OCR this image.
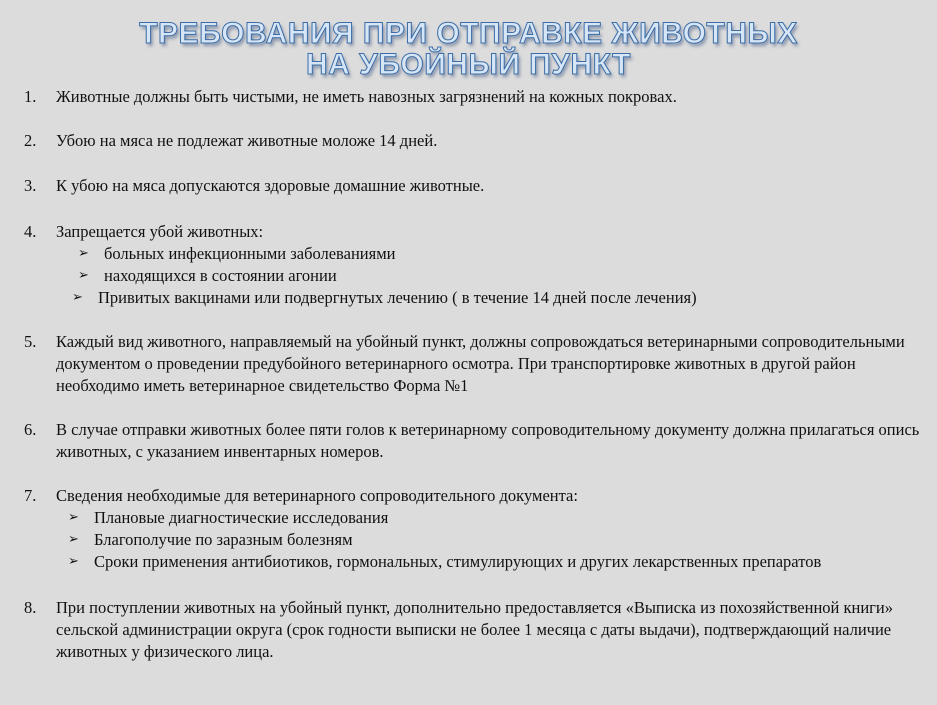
ТРЕБОВАНИЯ ПРИ ОТПРАВКЕ ЖИВОТНЫХ
НА УБОЙНЫЙ ПУНКТ
1. Животные должны быть чистыми, не иметь навозных загрязнений на кожных покровах.
2. Убою на мяса не подлежат животные моложе 14 дней.
3. К убою на мяса допускаются здоровые домашние животные.
4. Запрещается убой животных:
➢ больных инфекционными заболеваниями
➢ находящихся в состоянии агонии
➢ Привитых вакцинами или подвергнутых лечению ( в течение 14 дней после лечения)
5. Каждый вид животного, направляемый на убойный пункт, должны сопровождаться ветеринарными сопроводительными документом о проведении предубойного ветеринарного осмотра. При транспортировке животных в другой район необходимо иметь ветеринарное свидетельство Форма №1
6. В случае отправки животных более пяти голов к ветеринарному сопроводительному документу должна прилагаться опись животных, с указанием инвентарных номеров.
7. Сведения необходимые для ветеринарного сопроводительного документа:
➢ Плановые диагностические исследования
➢ Благополучие по заразным болезням
➢ Сроки применения антибиотиков, гормональных, стимулирующих и других лекарственных препаратов
8. При поступлении животных на убойный пункт, дополнительно предоставляется «Выписка из похозяйственной книги» сельской администрации округа (срок годности выписки не более 1 месяца с даты выдачи), подтверждающий наличие животных у физического лица.
